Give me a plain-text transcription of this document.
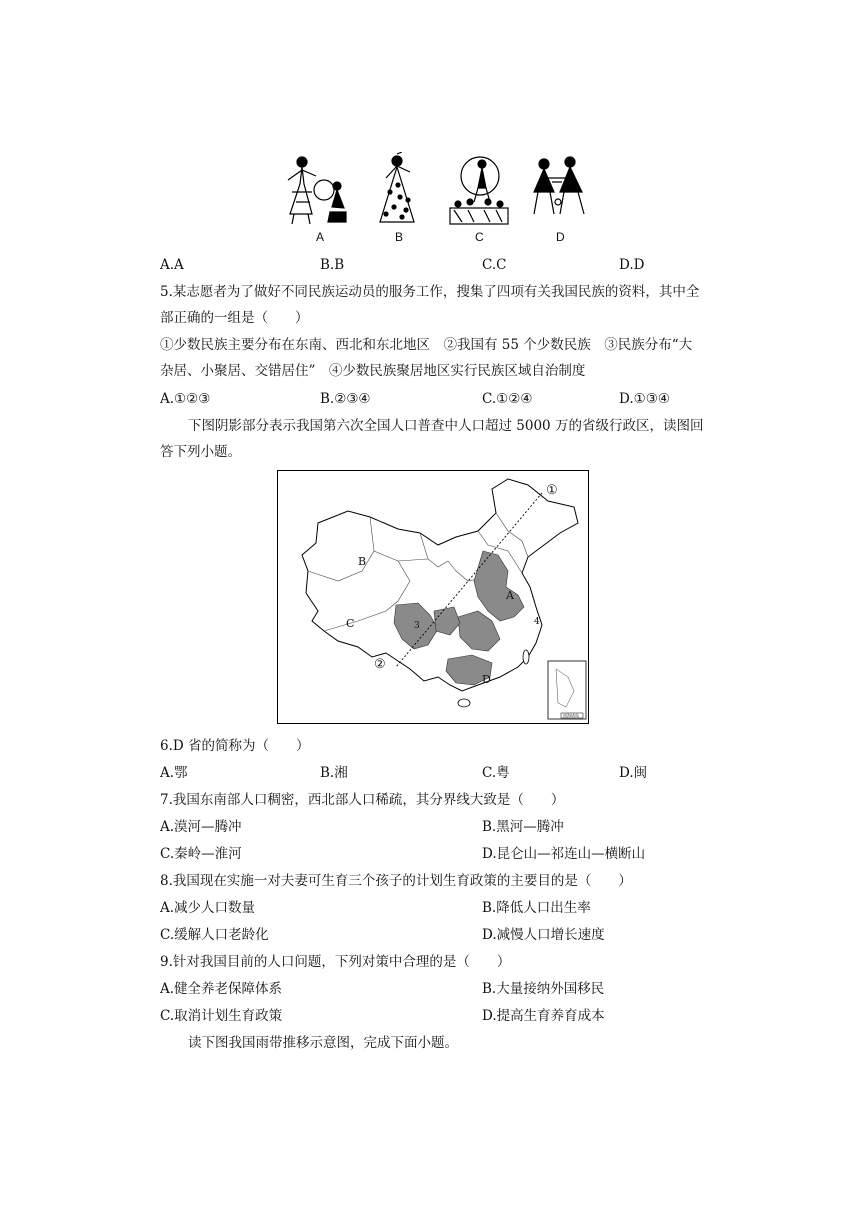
A	B	C	D
A.A	B.B	C.C	D.D
5.某志愿者为了做好不同民族运动员的服务工作，搜集了四项有关我国民族的资料，其中全
部正确的一组是（　　）
①少数民族主要分布在东南、西北和东北地区　②我国有 55 个少数民族　③民族分布“大
杂居、小聚居、交错居住”　④少数民族聚居地区实行民族区域自治制度
A.①②③	B.②③④	C.①②④	D.①③④
下图阴影部分表示我国第六次全国人口普查中人口超过 5000 万的省级行政区，读图回
答下列小题。
A
B
C
D
①
②
3	4
南海诸岛
6.D 省的简称为（　　）
A.鄂	B.湘	C.粤	D.闽
7.我国东南部人口稠密，西北部人口稀疏，其分界线大致是（　　）
A.漠河—腾冲	B.黑河—腾冲
C.秦岭—淮河	D.昆仑山—祁连山—横断山
8.我国现在实施一对夫妻可生育三个孩子的计划生育政策的主要目的是（　　）
A.减少人口数量	B.降低人口出生率
C.缓解人口老龄化	D.减慢人口增长速度
9.针对我国目前的人口问题，下列对策中合理的是（　　）
A.健全养老保障体系	B.大量接纳外国移民
C.取消计划生育政策	D.提高生育养育成本
读下图我国雨带推移示意图，完成下面小题。
